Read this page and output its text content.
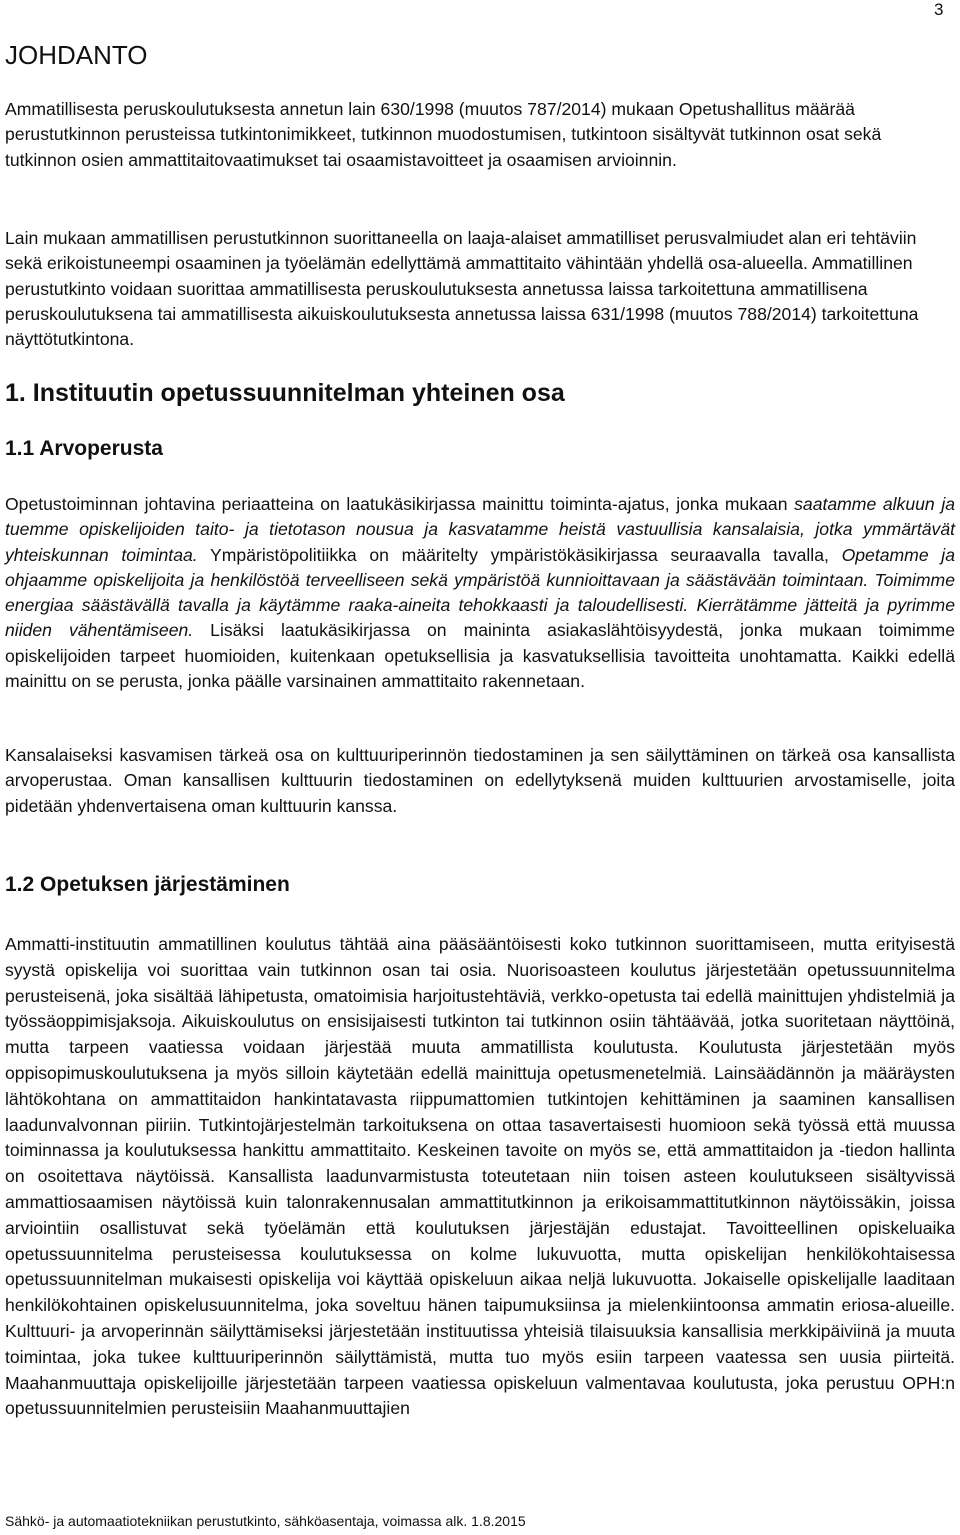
3
JOHDANTO

Ammatillisesta peruskoulutuksesta annetun lain 630/1998 (muutos 787/2014) mukaan Opetushallitus määrää perustutkinnon perusteissa tutkintonimikkeet, tutkinnon muodostumisen, tutkintoon sisältyvät tutkinnon osat sekä tutkinnon osien ammattitaitovaatimukset tai osaamistavoitteet ja osaamisen arvioinnin.

Lain mukaan ammatillisen perustutkinnon suorittaneella on laaja-alaiset ammatilliset perusvalmiudet alan eri tehtäviin sekä erikoistuneempi osaaminen ja työelämän edellyttämä ammattitaito vähintään yhdellä osa-alueella. Ammatillinen perustutkinto voidaan suorittaa ammatillisesta peruskoulutuksesta annetussa laissa tarkoitettuna ammatillisena peruskoulutuksena tai ammatillisesta aikuiskoulutuksesta annetussa laissa 631/1998 (muutos 788/2014) tarkoitettuna näyttötutkintona.

1. Instituutin opetussuunnitelman yhteinen osa
1.1 Arvoperusta

Opetustoiminnan johtavina periaatteina on laatukäsikirjassa mainittu toiminta-ajatus, jonka mukaan saatamme alkuun ja tuemme opiskelijoiden taito- ja tietotason nousua ja kasvatamme heistä vastuullisia kansalaisia, jotka ymmärtävät yhteiskunnan toimintaa. Ympäristöpolitiikka on määritelty ympäristökäsikirjassa seuraavalla tavalla, Opetamme ja ohjaamme opiskelijoita ja henkilöstöä terveelliseen sekä ympäristöä kunnioittavaan ja säästävään toimintaan. Toimimme energiaa säästävällä tavalla ja käytämme raaka-aineita tehokkaasti ja taloudellisesti. Kierrätämme jätteitä ja pyrimme niiden vähentämiseen. Lisäksi laatukäsikirjassa on maininta asiakaslähtöisyydestä, jonka mukaan toimimme opiskelijoiden tarpeet huomioiden, kuitenkaan opetuksellisia ja kasvatuksellisia tavoitteita unohtamatta. Kaikki edellä mainittu on se perusta, jonka päälle varsinainen ammattitaito rakennetaan.

Kansalaiseksi kasvamisen tärkeä osa on kulttuuriperinnön tiedostaminen ja sen säilyttäminen on tärkeä osa kansallista arvoperustaa. Oman kansallisen kulttuurin tiedostaminen on edellytyksenä muiden kulttuurien arvostamiselle, joita pidetään yhdenvertaisena oman kulttuurin kanssa.

1.2 Opetuksen järjestäminen

Ammatti-instituutin ammatillinen koulutus tähtää aina pääsääntöisesti koko tutkinnon suorittamiseen, mutta erityisestä syystä opiskelija voi suorittaa vain tutkinnon osan tai osia. Nuorisoasteen koulutus järjestetään opetussuunnitelma perusteisenä, joka sisältää lähipetusta, omatoimisia harjoitustehtäviä, verkko-opetusta tai edellä mainittujen yhdistelmiä ja työssäoppimisjaksoja. Aikuiskoulutus on ensisijaisesti tutkinton tai tutkinnon osiin tähtäävää, jotka suoritetaan näyttöinä, mutta tarpeen vaatiessa voidaan järjestää muuta ammatillista koulutusta. Koulutusta järjestetään myös oppisopimuskoulutuksena ja myös silloin käytetään edellä mainittuja opetusmenetelmiä. Lainsäädännön ja määräysten lähtökohtana on ammattitaidon hankintatavasta riippumattomien tutkintojen kehittäminen ja saaminen kansallisen laadunvalvonnan piiriin. Tutkintojärjestelmän tarkoituksena on ottaa tasavertaisesti huomioon sekä työssä että muussa toiminnassa ja koulutuksessa hankittu ammattitaito. Keskeinen tavoite on myös se, että ammattitaidon ja -tiedon hallinta on osoitettava näytöissä. Kansallista laadunvarmistusta toteutetaan niin toisen asteen koulutukseen sisältyvissä ammattiosaamisen näytöissä kuin talonrakennusalan ammattitutkinnon ja erikoisammattitutkinnon näytöissäkin, joissa arviointiin osallistuvat sekä työelämän että koulutuksen järjestäjän edustajat. Tavoitteellinen opiskeluaika opetussuunnitelma perusteisessa koulutuksessa on kolme lukuvuotta, mutta opiskelijan henkilökohtaisessa opetussuunnitelman mukaisesti opiskelija voi käyttää opiskeluun aikaa neljä lukuvuotta. Jokaiselle opiskelijalle laaditaan henkilökohtainen opiskelusuunnitelma, joka soveltuu hänen taipumuksiinsa ja mielenkiintoonsa ammatin eriosa-alueille. Kulttuuri- ja arvoperinnän säilyttämiseksi järjestetään instituutissa yhteisiä tilaisuuksia kansallisia merkkipäiviinä ja muuta toimintaa, joka tukee kulttuuriperinnön säilyttämistä, mutta tuo myös esiin tarpeen vaatessa sen uusia piirteitä. Maahanmuuttaja opiskelijoille järjestetään tarpeen vaatiessa opiskeluun valmentavaa koulutusta, joka perustuu OPH:n opetussuunnitelmien perusteisiin Maahanmuuttajien

Sähkö- ja automaatiotekniikan perustutkinto, sähköasentaja, voimassa alk. 1.8.2015
